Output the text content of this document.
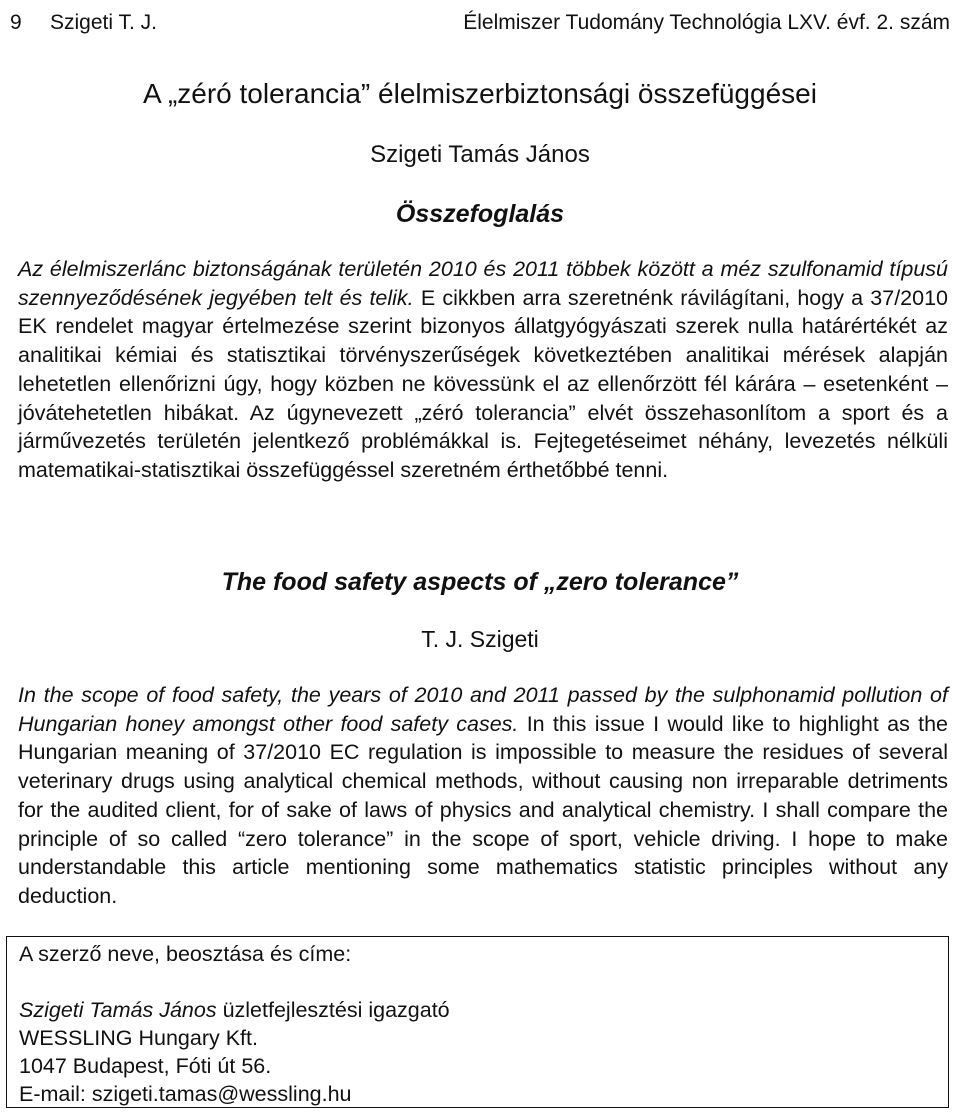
9 Szigeti T. J.	Élelmiszer Tudomány Technológia LXV. évf. 2. szám
A „zéró tolerancia” élelmiszerbiztonsági összefüggései
Szigeti Tamás János
Összefoglalás
Az élelmiszerlánc biztonságának területén 2010 és 2011 többek között a méz szulfonamid típusú szennyeződésének jegyében telt és telik. E cikkben arra szeretnénk rávilágítani, hogy a 37/2010 EK rendelet magyar értelmezése szerint bizonyos állatgyógyászati szerek nulla határértékét az analitikai kémiai és statisztikai törvényszerűségek következtében analitikai mérések alapján lehetetlen ellenőrizni úgy, hogy közben ne kövessünk el az ellenőrzött fél kárára – esetenként – jóvátehetetlen hibákat. Az úgynevezett „zéró tolerancia” elvét összehasonlítom a sport és a járművezetés területén jelentkező problémákkal is. Fejtegetéseimet néhány, levezetés nélküli matematikai-statisztikai összefüggéssel szeretném érthetőbbé tenni.
The food safety aspects of „zero tolerance”
T. J. Szigeti
In the scope of food safety, the years of 2010 and 2011 passed by the sulphonamid pollution of Hungarian honey amongst other food safety cases. In this issue I would like to highlight as the Hungarian meaning of 37/2010 EC regulation is impossible to measure the residues of several veterinary drugs using analytical chemical methods, without causing non irreparable detriments for the audited client, for of sake of laws of physics and analytical chemistry. I shall compare the principle of so called “zero tolerance” in the scope of sport, vehicle driving. I hope to make understandable this article mentioning some mathematics statistic principles without any deduction.
A szerző neve, beosztása és címe:
Szigeti Tamás János üzletfejlesztési igazgató
WESSLING Hungary Kft.
1047 Budapest, Fóti út 56.
E-mail: szigeti.tamas@wessling.hu
